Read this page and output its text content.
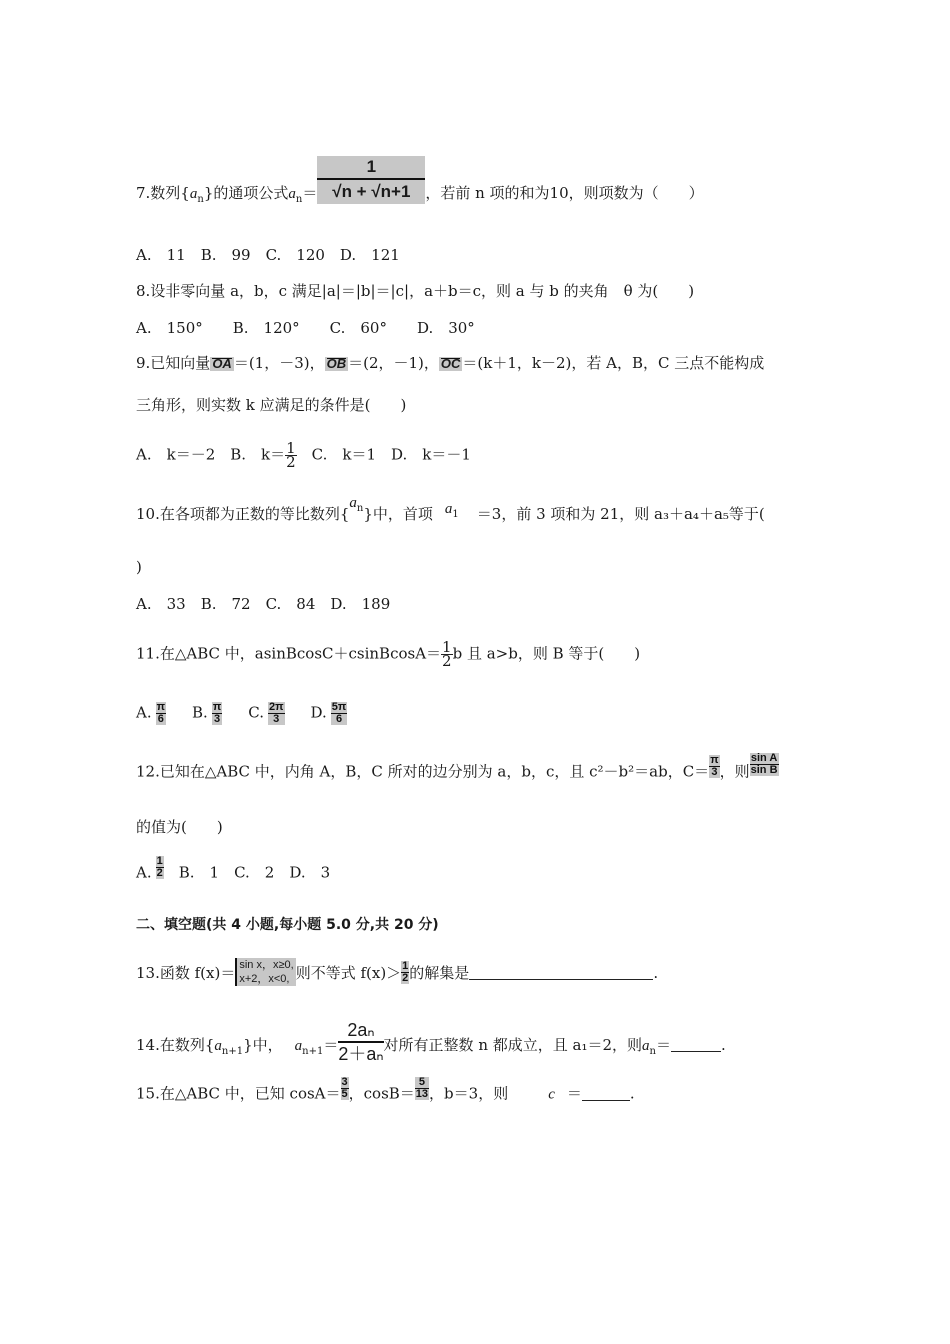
7.数列$\{a_n\}$的通项公式$a_n= \frac{1}{√n + √n+1}$ ，若前 n 项的和为10，则项数为（　　）
A.　11　B.　99　C.　120　D.　121
8.设非零向量 a，b，c 满足|a|＝|b|＝|c|，a＋b＝c，则 a 与 b 的夹角　θ 为(　　)
A.　150°　　B.　120°　　C.　60°　　D.　30°
9.已知向量 OA ＝(1，－3)， OB ＝(2，－1)， OC ＝(k＋1，k－2)，若 A，B，C 三点不能构成
三角形，则实数 k 应满足的条件是(　　)
A.　k＝－2　B.　$k= \frac{1}{2}$ 　C.　k＝1　D.　k＝－1
10.在各项都为正数的等比数列$\{a^n\}$中，首项 $a_1 =3$，前 3 项和为 21，则 a₃＋a₄＋a₅等于(
)
A.　33　B.　72　C.　84　D.　189
11.在△ABC 中，asinBcosC＋csinBcosA＝ $\frac{1}{2}$ b 且 a>b，则 B 等于(　　)
A. $\frac{\pi}{6} B$. $\frac{\pi}{3} C$. $\frac{2\pi}{3} D$. $\frac{5\pi}{6}$
12.已知在△ABC 中，内角 A，B，C 所对的边分别为 a，b，c，且 c²－b²＝ab，$C= \frac{\pi}{3}$ ，则 $\frac{\text{sin A}}{\text{sin B}}$
的值为(　　)
A. $\frac{1}{2}$ 　B.　1　C.　2　D.　3
二、填空题(共 4 小题,每小题 5.0 分,共 20 分)
13.函数 f(x)＝ sin x，x≥0,
x+2，x<0, 则不等式 $f(x)> \frac{1}{2}$ 的解集是	.
14.在数列$\{a_{n+1}\}$中， $a_{n+1}= \frac{\text{2aₙ}}{\text{2＋aₙ}}$ 对所有正整数 n 都成立，且 a₁＝2，则$a_n=$	.
15.在△ABC 中，已知 $\cos A= \frac{3}{5}$ ，$\cos B= \frac{5}{13}$ ，b＝3，则	c ＝	.
